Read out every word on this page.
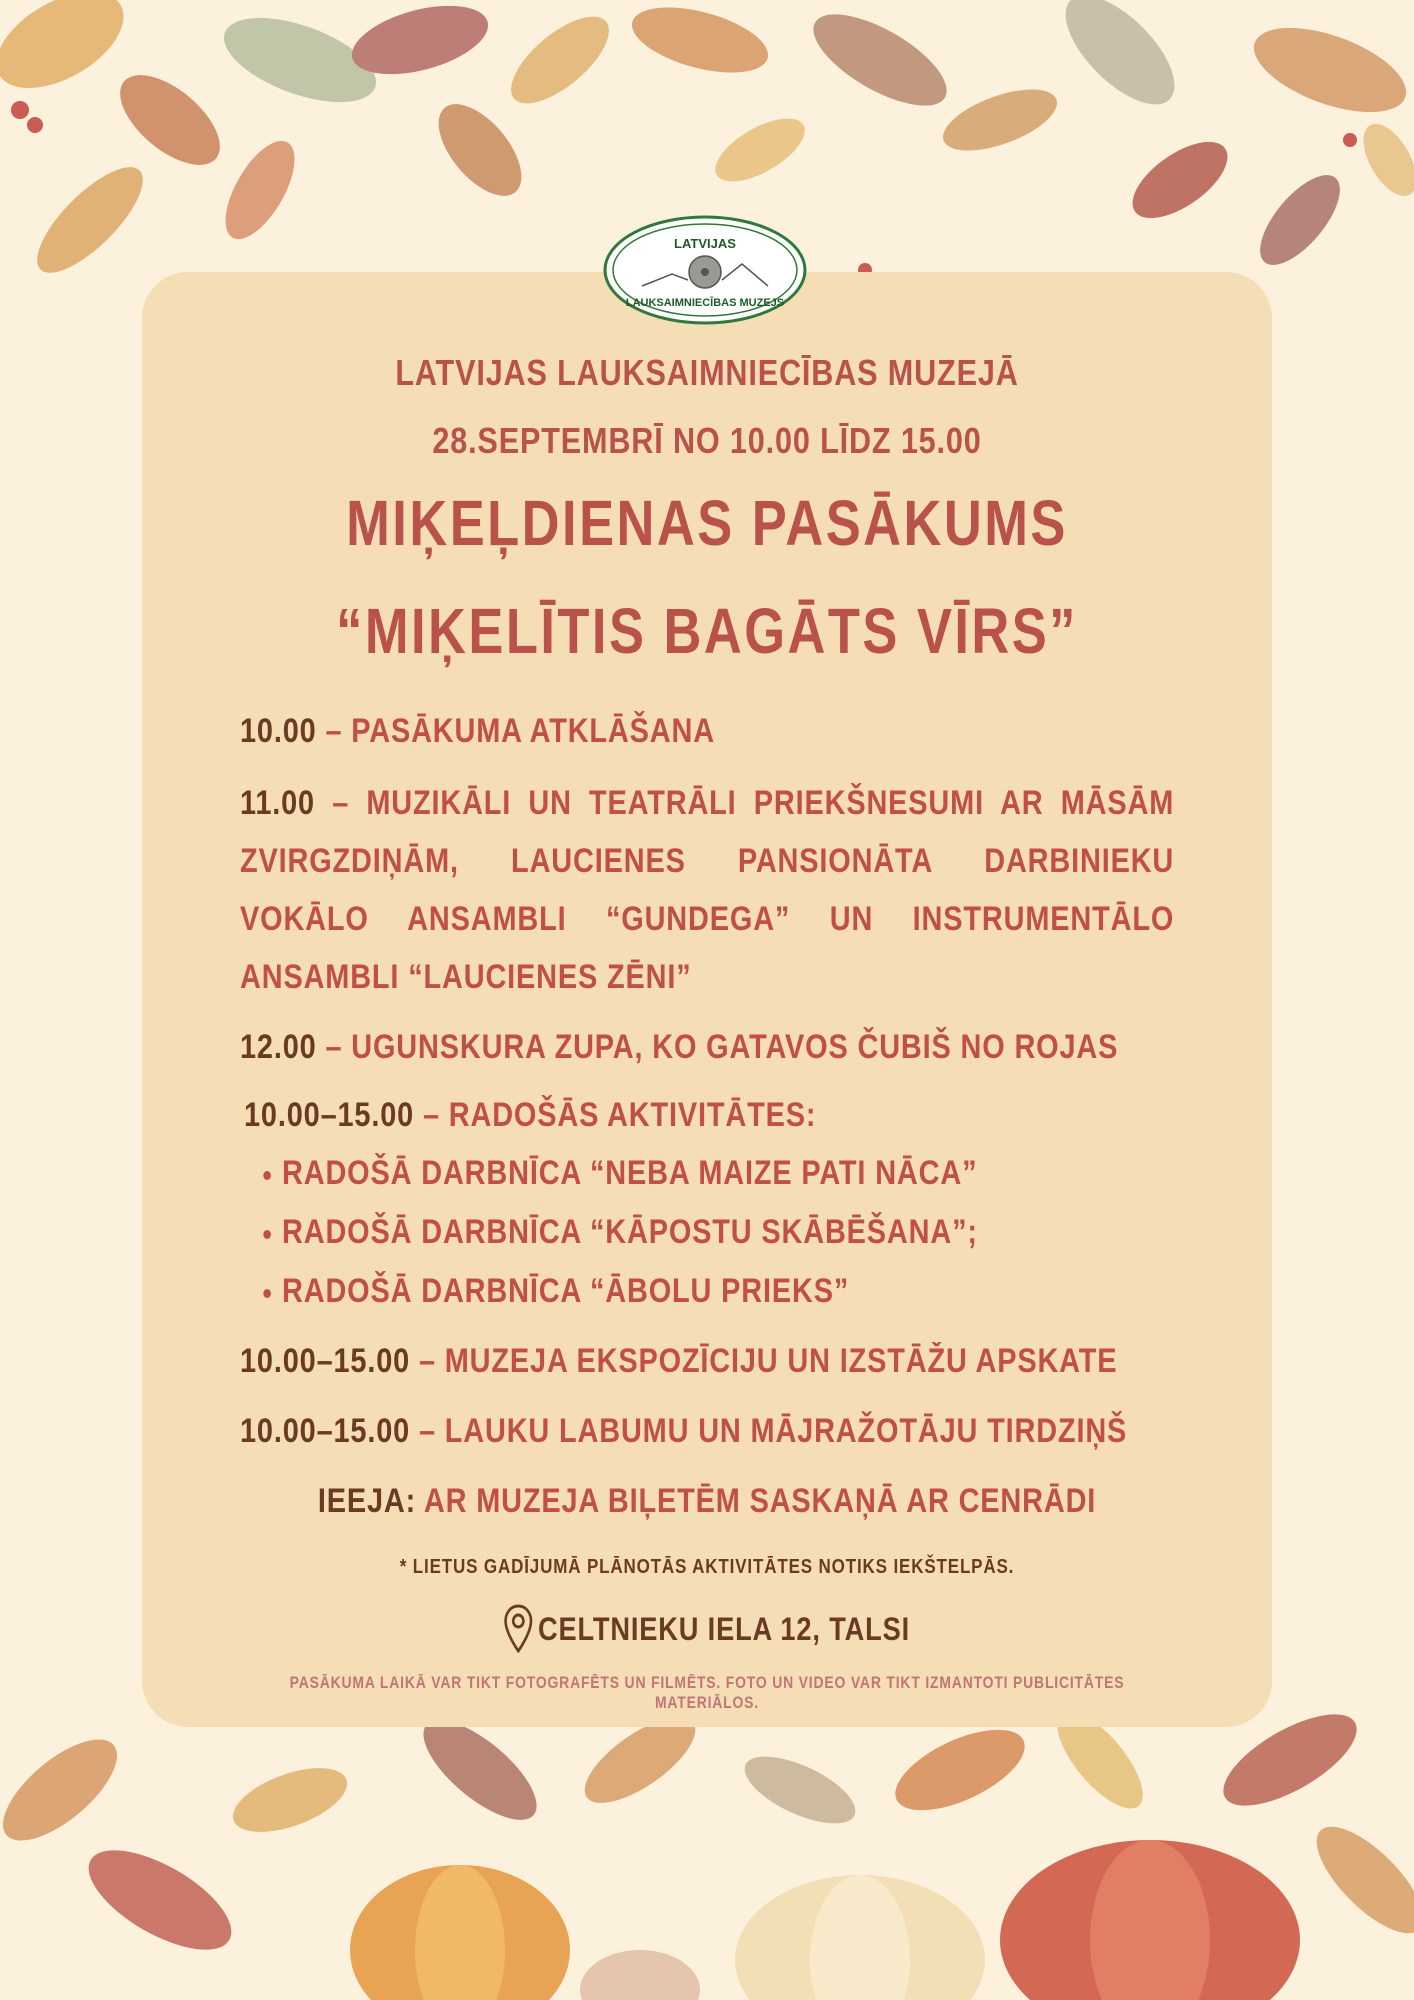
LATVIJAS
LAUKSAIMNIECĪBAS MUZEJS
LATVIJAS LAUKSAIMNIECĪBAS MUZEJĀ
28.SEPTEMBRĪ NO 10.00 LĪDZ 15.00
MIĶEĻDIENAS PASĀKUMS
“MIĶELĪTIS BAGĀTS VĪRS”
10.00 – PASĀKUMA ATKLĀŠANA
11.00 – MUZIKĀLI UN TEATRĀLI PRIEKŠNESUMI AR MĀSĀM ZVIRGZDIŅĀM, LAUCIENES PANSIONĀTA DARBINIEKU VOKĀLO ANSAMBLI “GUNDEGA” UN INSTRUMENTĀLO ANSAMBLI “LAUCIENES ZĒNI”
12.00 – UGUNSKURA ZUPA, KO GATAVOS ČUBIŠ NO ROJAS
10.00–15.00 – RADOŠĀS AKTIVITĀTES:
RADOŠĀ DARBNĪCA “NEBA MAIZE PATI NĀCA”
RADOŠĀ DARBNĪCA “KĀPOSTU SKĀBĒŠANA”;
RADOŠĀ DARBNĪCA “ĀBOLU PRIEKS”
10.00–15.00 – MUZEJA EKSPOZĪCIJU UN IZSTĀŽU APSKATE
10.00–15.00 – LAUKU LABUMU UN MĀJRAŽOTĀJU TIRDZIŅŠ
IEEJA: AR MUZEJA BIĻETĒM SASKAŅĀ AR CENRĀDI
* LIETUS GADĪJUMĀ PLĀNOTĀS AKTIVITĀTES NOTIKS IEKŠTELPĀS.
CELTNIEKU IELA 12, TALSI
PASĀKUMA LAIKĀ VAR TIKT FOTOGRAFĒTS UN FILMĒTS. FOTO UN VIDEO VAR TIKT IZMANTOTI PUBLICITĀTES MATERIĀLOS.
